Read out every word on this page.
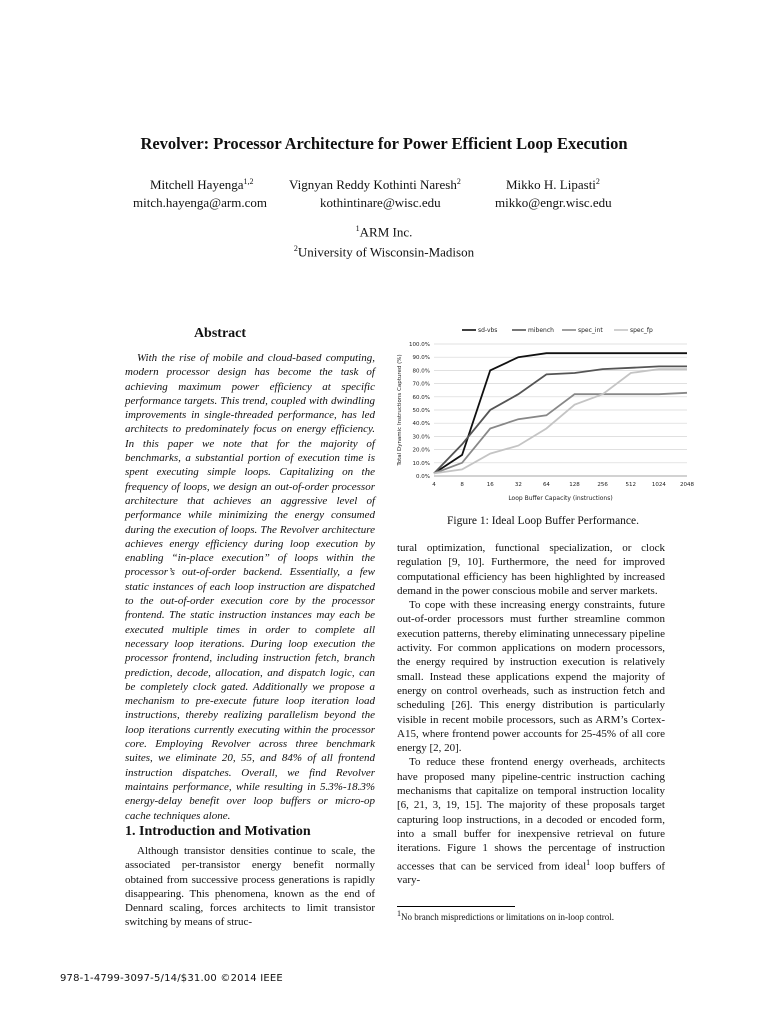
Revolver: Processor Architecture for Power Efficient Loop Execution
Mitchell Hayenga$^{1,2}$	Vignyan Reddy Kothinti Naresh$^2$	Mikko H. Lipasti$^2$
mitch.hayenga@arm.com	kothintinare@wisc.edu	mikko@engr.wisc.edu
$^1$ARM Inc.
$^2$University of Wisconsin-Madison
Abstract
With the rise of mobile and cloud-based computing, modern processor design has become the task of achieving maximum power efficiency at specific performance targets. This trend, coupled with dwindling improvements in single-threaded performance, has led architects to predominately focus on energy efficiency. In this paper we note that for the majority of benchmarks, a substantial portion of execution time is spent executing simple loops. Capitalizing on the frequency of loops, we design an out-of-order processor architecture that achieves an aggressive level of performance while minimizing the energy consumed during the execution of loops. The Revolver architecture achieves energy efficiency during loop execution by enabling “in-place execution” of loops within the processor’s out-of-order backend. Essentially, a few static instances of each loop instruction are dispatched to the out-of-order execution core by the processor frontend. The static instruction instances may each be executed multiple times in order to complete all necessary loop iterations. During loop execution the processor frontend, including instruction fetch, branch prediction, decode, allocation, and dispatch logic, can be completely clock gated. Additionally we propose a mechanism to pre-execute future loop iteration load instructions, thereby realizing parallelism beyond the loop iterations currently executing within the processor core. Employing Revolver across three benchmark suites, we eliminate 20, 55, and 84% of all frontend instruction dispatches. Overall, we find Revolver maintains performance, while resulting in 5.3%-18.3% energy-delay benefit over loop buffers or micro-op cache techniques alone.
1. Introduction and Motivation
Although transistor densities continue to scale, the associated per-transistor energy benefit normally obtained from successive process generations is rapidly disappearing. This phenomena, known as the end of Dennard scaling, forces architects to limit transistor switching by means of struc-
0.0%
10.0%
20.0%
30.0%
40.0%
50.0%
60.0%
70.0%
80.0%
90.0%
100.0%
4	8	16	32	64	128	256	512	1024	2048
Loop Buffer Capacity (instructions)
Total Dynamic Instructions Captured (%)
sd-vbs	mibench	spec_int	spec_fp
Figure 1: Ideal Loop Buffer Performance.

tural optimization, functional specialization, or clock regulation [9, 10]. Furthermore, the need for improved computational efficiency has been highlighted by increased demand in the power conscious mobile and server markets.

To cope with these increasing energy constraints, future out-of-order processors must further streamline common execution patterns, thereby eliminating unnecessary pipeline activity. For common applications on modern processors, the energy required by instruction execution is relatively small. Instead these applications expend the majority of energy on control overheads, such as instruction fetch and scheduling [26]. This energy distribution is particularly visible in recent mobile processors, such as ARM’s Cortex-A15, where frontend power accounts for 25-45% of all core energy [2, 20].

To reduce these frontend energy overheads, architects have proposed many pipeline-centric instruction caching mechanisms that capitalize on temporal instruction locality [6, 21, 3, 19, 15]. The majority of these proposals target capturing loop instructions, in a decoded or encoded form, into a small buffer for inexpensive retrieval on future iterations. Figure 1 shows the percentage of instruction accesses that can be serviced from ideal$^1$ loop buffers of vary-

$^1$No branch mispredictions or limitations on in-loop control.
978-1-4799-3097-5/14/$31.00 ©2014 IEEE
